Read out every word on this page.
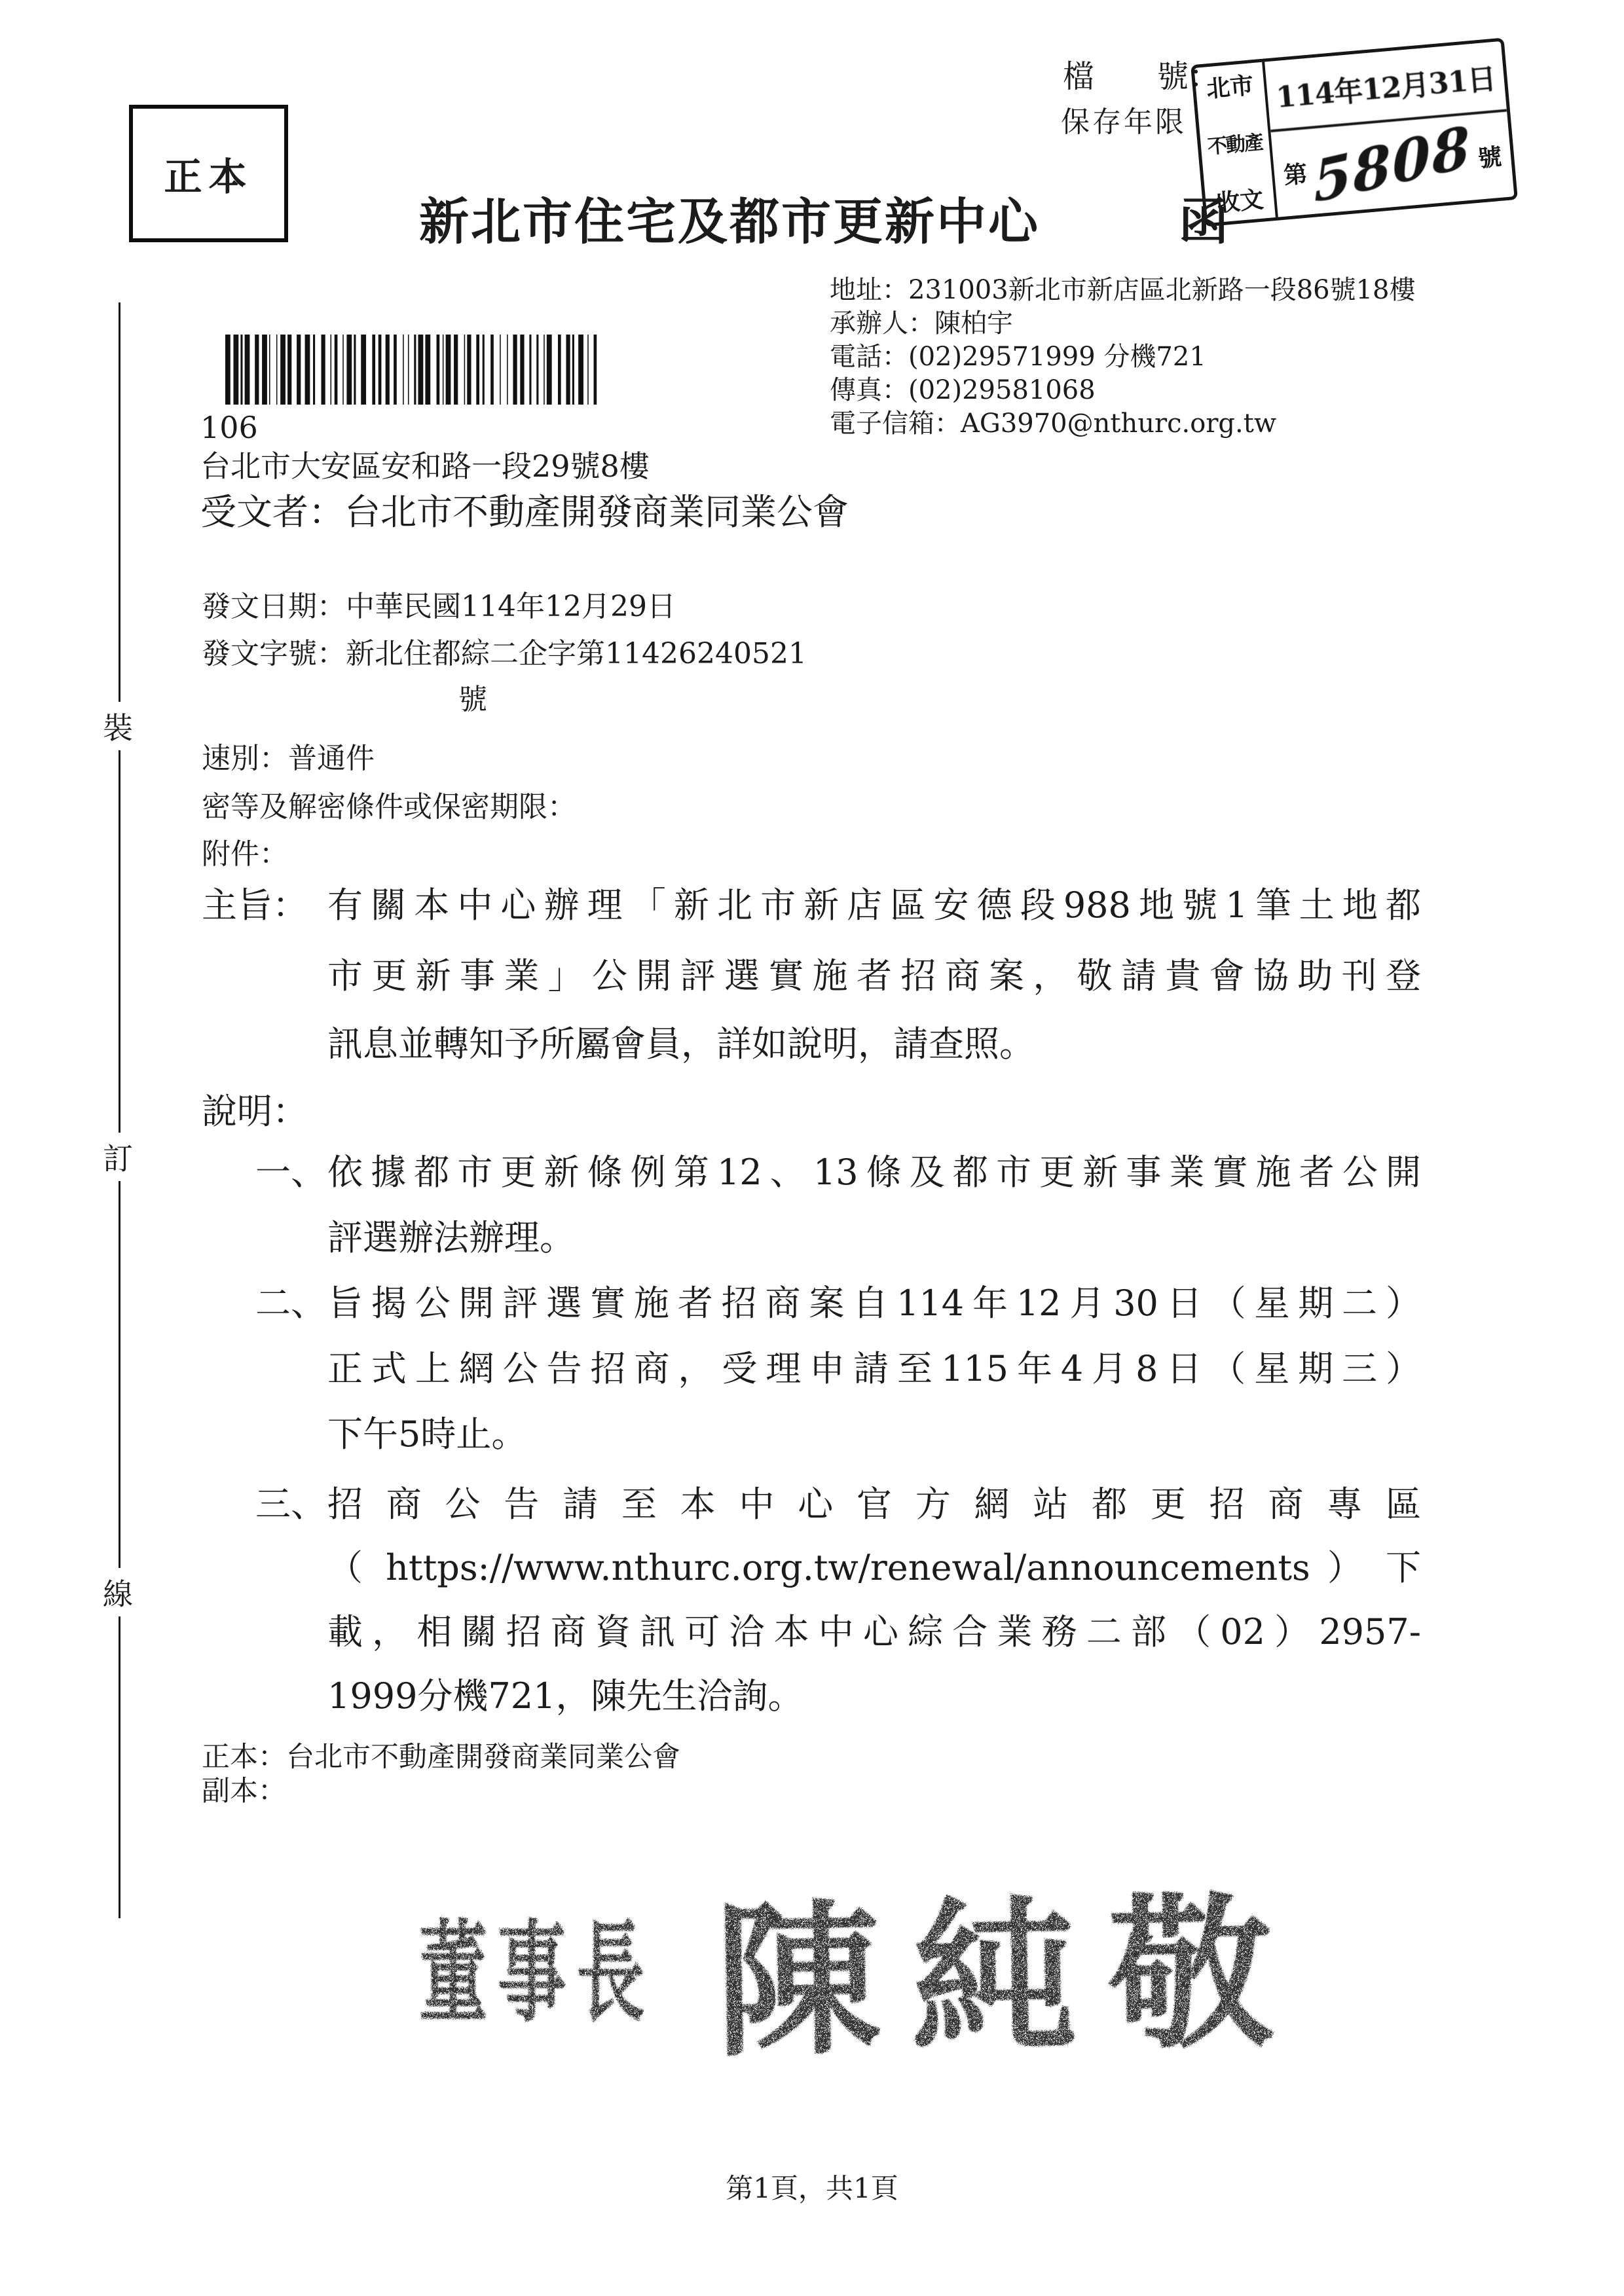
正本
檔　　號：
保存年限
北市
不動產
收文
114年12月31日
第 5808 號
新北市住宅及都市更新中心	函
地址：231003新北市新店區北新路一段86號18樓
承辦人：陳柏宇
電話：(02)29571999 分機721
傳真：(02)29581068
電子信箱：AG3970@nthurc.org.tw
106
台北市大安區安和路一段29號8樓
受文者：台北市不動產開發商業同業公會
發文日期：中華民國114年12月29日
發文字號：新北住都綜二企字第11426240521
號
速別：普通件
密等及解密條件或保密期限：
附件：
主旨： 有關本中心辦理「新北市新店區安德段988地號1筆土地都
市更新事業」公開評選實施者招商案，敬請貴會協助刊登
訊息並轉知予所屬會員，詳如說明，請查照。
說明：
一、 依據都市更新條例第12、13條及都市更新事業實施者公開
評選辦法辦理。
二、 旨揭公開評選實施者招商案自114年12月30日（星期二）
正式上網公告招商，受理申請至115年4月8日（星期三）
下午5時止。
三、 招商公告請至本中心官方網站都更招商專區
（ https://www.nthurc.org.tw/renewal/announcements ） 下
載，相關招商資訊可洽本中心綜合業務二部（02）2957-
1999分機721，陳先生洽詢。
正本：台北市不動產開發商業同業公會
副本：
董事長 陳純敬
裝
訂
線
第1頁，共1頁
